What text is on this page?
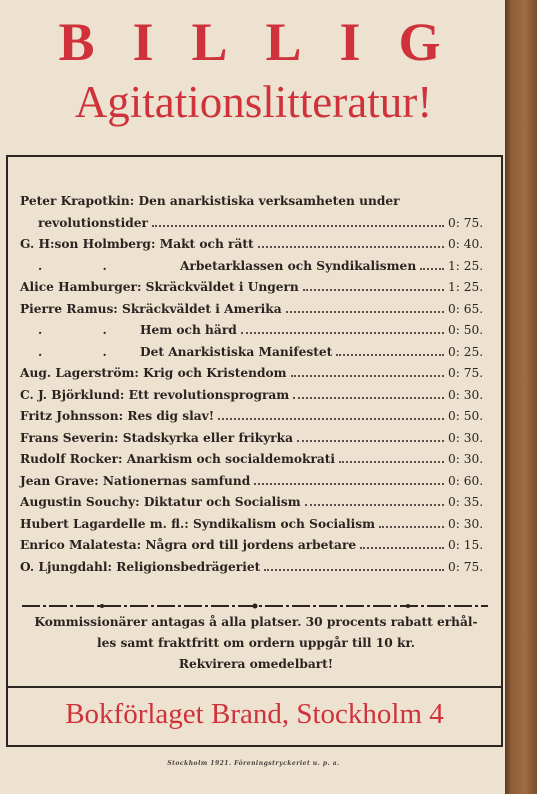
BILLIG
Agitationslitteratur!
Peter Krapotkin: Den anarkistiska verksamheten under
revolutionstider	0: 75.
G. H:son Holmberg: Makt och rätt	0: 40.
. .	Arbetarklassen och Syndikalismen	1: 25.
Alice Hamburger: Skräckväldet i Ungern	1: 25.
Pierre Ramus: Skräckväldet i Amerika	0: 65.
. . Hem och härd	0: 50.
. . Det Anarkistiska Manifestet	0: 25.
Aug. Lagerström: Krig och Kristendom	0: 75.
C. J. Björklund: Ett revolutionsprogram	0: 30.
Fritz Johnsson: Res dig slav!	0: 50.
Frans Severin: Stadskyrka eller frikyrka	0: 30.
Rudolf Rocker: Anarkism och socialdemokrati	0: 30.
Jean Grave: Nationernas samfund	0: 60.
Augustin Souchy: Diktatur och Socialism	0: 35.
Hubert Lagardelle m. fl.: Syndikalism och Socialism	0: 30.
Enrico Malatesta: Några ord till jordens arbetare	0: 15.
O. Ljungdahl: Religionsbedrägeriet	0: 75.
Kommissionärer antagas å alla platser. 30 procents rabatt erhål-
les samt fraktfritt om ordern uppgår till 10 kr.
Rekvirera omedelbart!
Bokförlaget Brand, Stockholm 4
Stockholm 1921. Föreningstryckeriet u. p. a.
